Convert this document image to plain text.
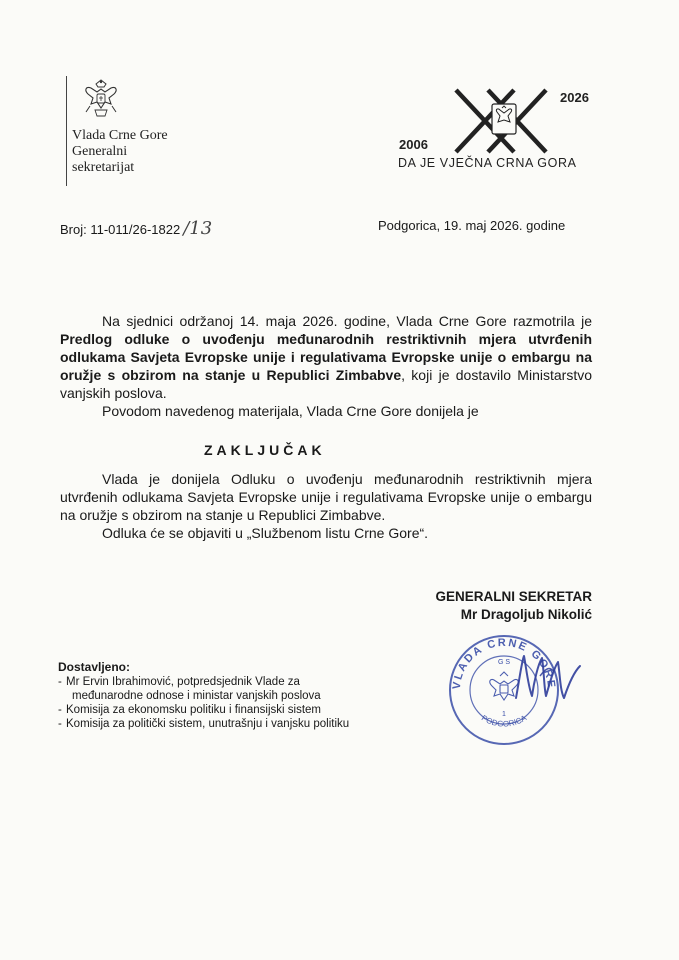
Vlada Crne Gore
Generalni
sekretarijat
2006
2026
DA JE VJEČNA CRNA GORA
Broj: 11-011/26-1822 /13	Podgorica, 19. maj 2026. godine
Na sjednici održanoj 14. maja 2026. godine, Vlada Crne Gore razmotrila je Predlog odluke o uvođenju međunarodnih restriktivnih mjera utvrđenih odlukama Savjeta Evropske unije i regulativama Evropske unije o embargu na oružje s obzirom na stanje u Republici Zimbabve, koji je dostavilo Ministarstvo vanjskih poslova.
Povodom navedenog materijala, Vlada Crne Gore donijela je
ZAKLJUČAK
Vlada je donijela Odluku o uvođenju međunarodnih restriktivnih mjera utvrđenih odlukama Savjeta Evropske unije i regulativama Evropske unije o embargu na oružje s obzirom na stanje u Republici Zimbabve.
Odluka će se objaviti u „Službenom listu Crne Gore“.
GENERALNI SEKRETAR
Mr Dragoljub Nikolić
Dostavljeno:
- Mr Ervin Ibrahimović, potpredsjednik Vlade za
međunarodne odnose i ministar vanjskih poslova
- Komisija za ekonomsku politiku i finansijski sistem
- Komisija za politički sistem, unutrašnju i vanjsku politiku
VLADA CRNE GORE
PODGORICA
G S
1
